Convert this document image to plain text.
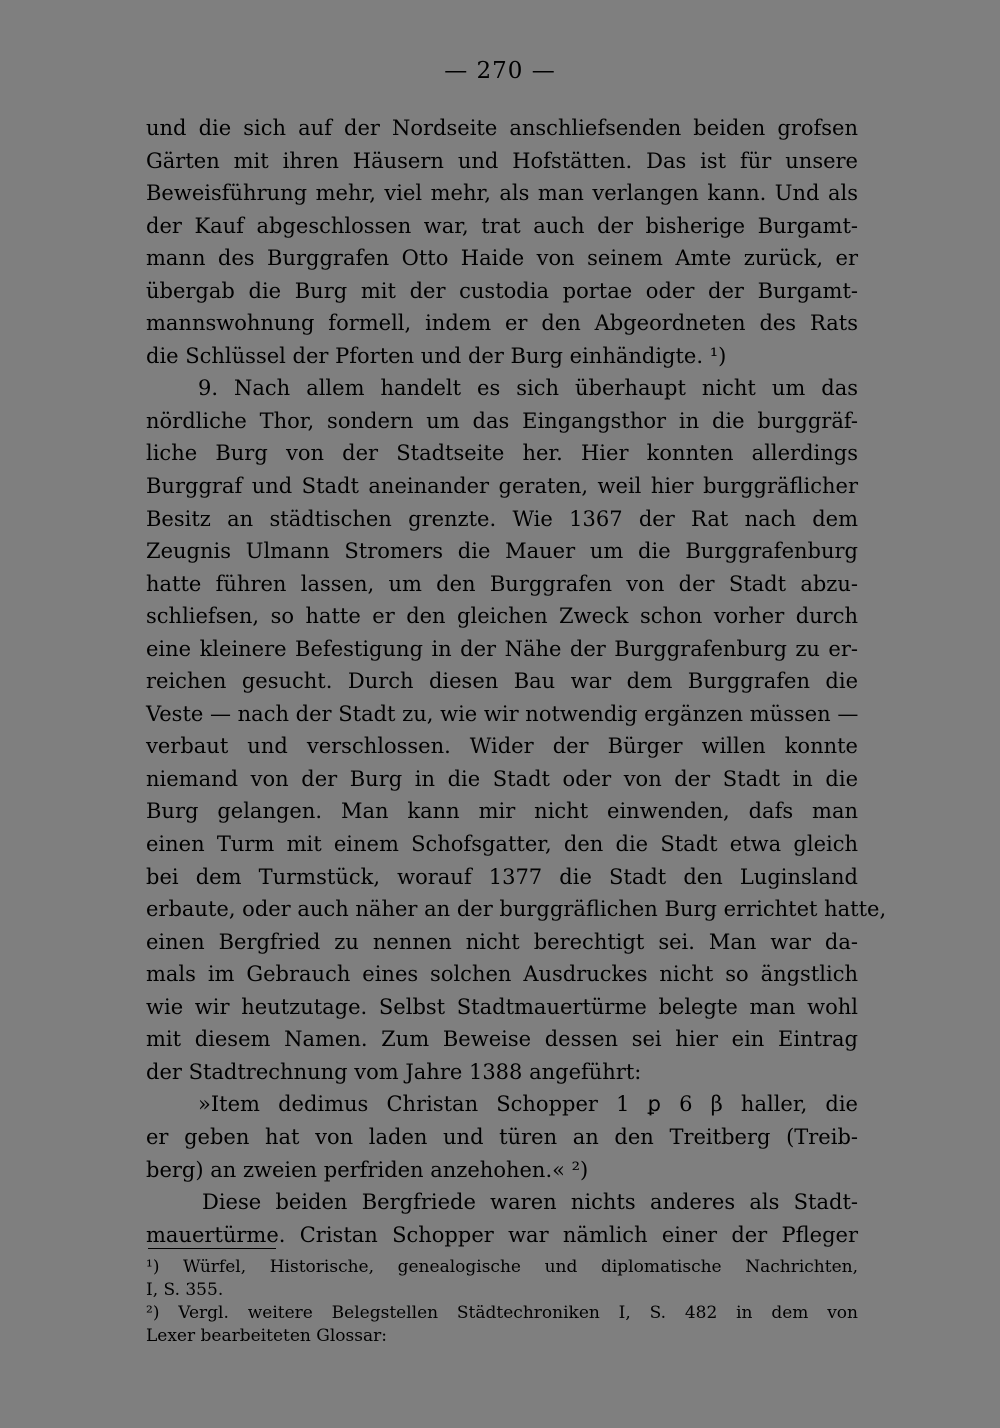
— 270 —
und die sich auf der Nordseite anschliefsenden beiden grofsen
Gärten mit ihren Häusern und Hofstätten. Das ist für unsere
Beweisführung mehr, viel mehr, als man verlangen kann. Und als
der Kauf abgeschlossen war, trat auch der bisherige Burgamt-
mann des Burggrafen Otto Haide von seinem Amte zurück, er
übergab die Burg mit der custodia portae oder der Burgamt-
mannswohnung formell, indem er den Abgeordneten des Rats
die Schlüssel der Pforten und der Burg einhändigte. ¹)
9. Nach allem handelt es sich überhaupt nicht um das
nördliche Thor, sondern um das Eingangsthor in die burggräf-
liche Burg von der Stadtseite her. Hier konnten allerdings
Burggraf und Stadt aneinander geraten, weil hier burggräflicher
Besitz an städtischen grenzte. Wie 1367 der Rat nach dem
Zeugnis Ulmann Stromers die Mauer um die Burggrafenburg
hatte führen lassen, um den Burggrafen von der Stadt abzu-
schliefsen, so hatte er den gleichen Zweck schon vorher durch
eine kleinere Befestigung in der Nähe der Burggrafenburg zu er-
reichen gesucht. Durch diesen Bau war dem Burggrafen die
Veste — nach der Stadt zu, wie wir notwendig ergänzen müssen —
verbaut und verschlossen. Wider der Bürger willen konnte
niemand von der Burg in die Stadt oder von der Stadt in die
Burg gelangen. Man kann mir nicht einwenden, dafs man
einen Turm mit einem Schofsgatter, den die Stadt etwa gleich
bei dem Turmstück, worauf 1377 die Stadt den Luginsland
erbaute, oder auch näher an der burggräflichen Burg errichtet hatte,
einen Bergfried zu nennen nicht berechtigt sei. Man war da-
mals im Gebrauch eines solchen Ausdruckes nicht so ängstlich
wie wir heutzutage. Selbst Stadtmauertürme belegte man wohl
mit diesem Namen. Zum Beweise dessen sei hier ein Eintrag
der Stadtrechnung vom Jahre 1388 angeführt:
»Item dedimus Christan Schopper 1 ꝑ 6 β haller, die
er geben hat von laden und türen an den Treitberg (Treib-
berg) an zweien perfriden anzehohen.« ²)
Diese beiden Bergfriede waren nichts anderes als Stadt-
mauertürme. Cristan Schopper war nämlich einer der Pfleger
¹) Würfel, Historische, genealogische und diplomatische Nachrichten,
I, S. 355.
²) Vergl. weitere Belegstellen Städtechroniken I, S. 482 in dem von
Lexer bearbeiteten Glossar:
